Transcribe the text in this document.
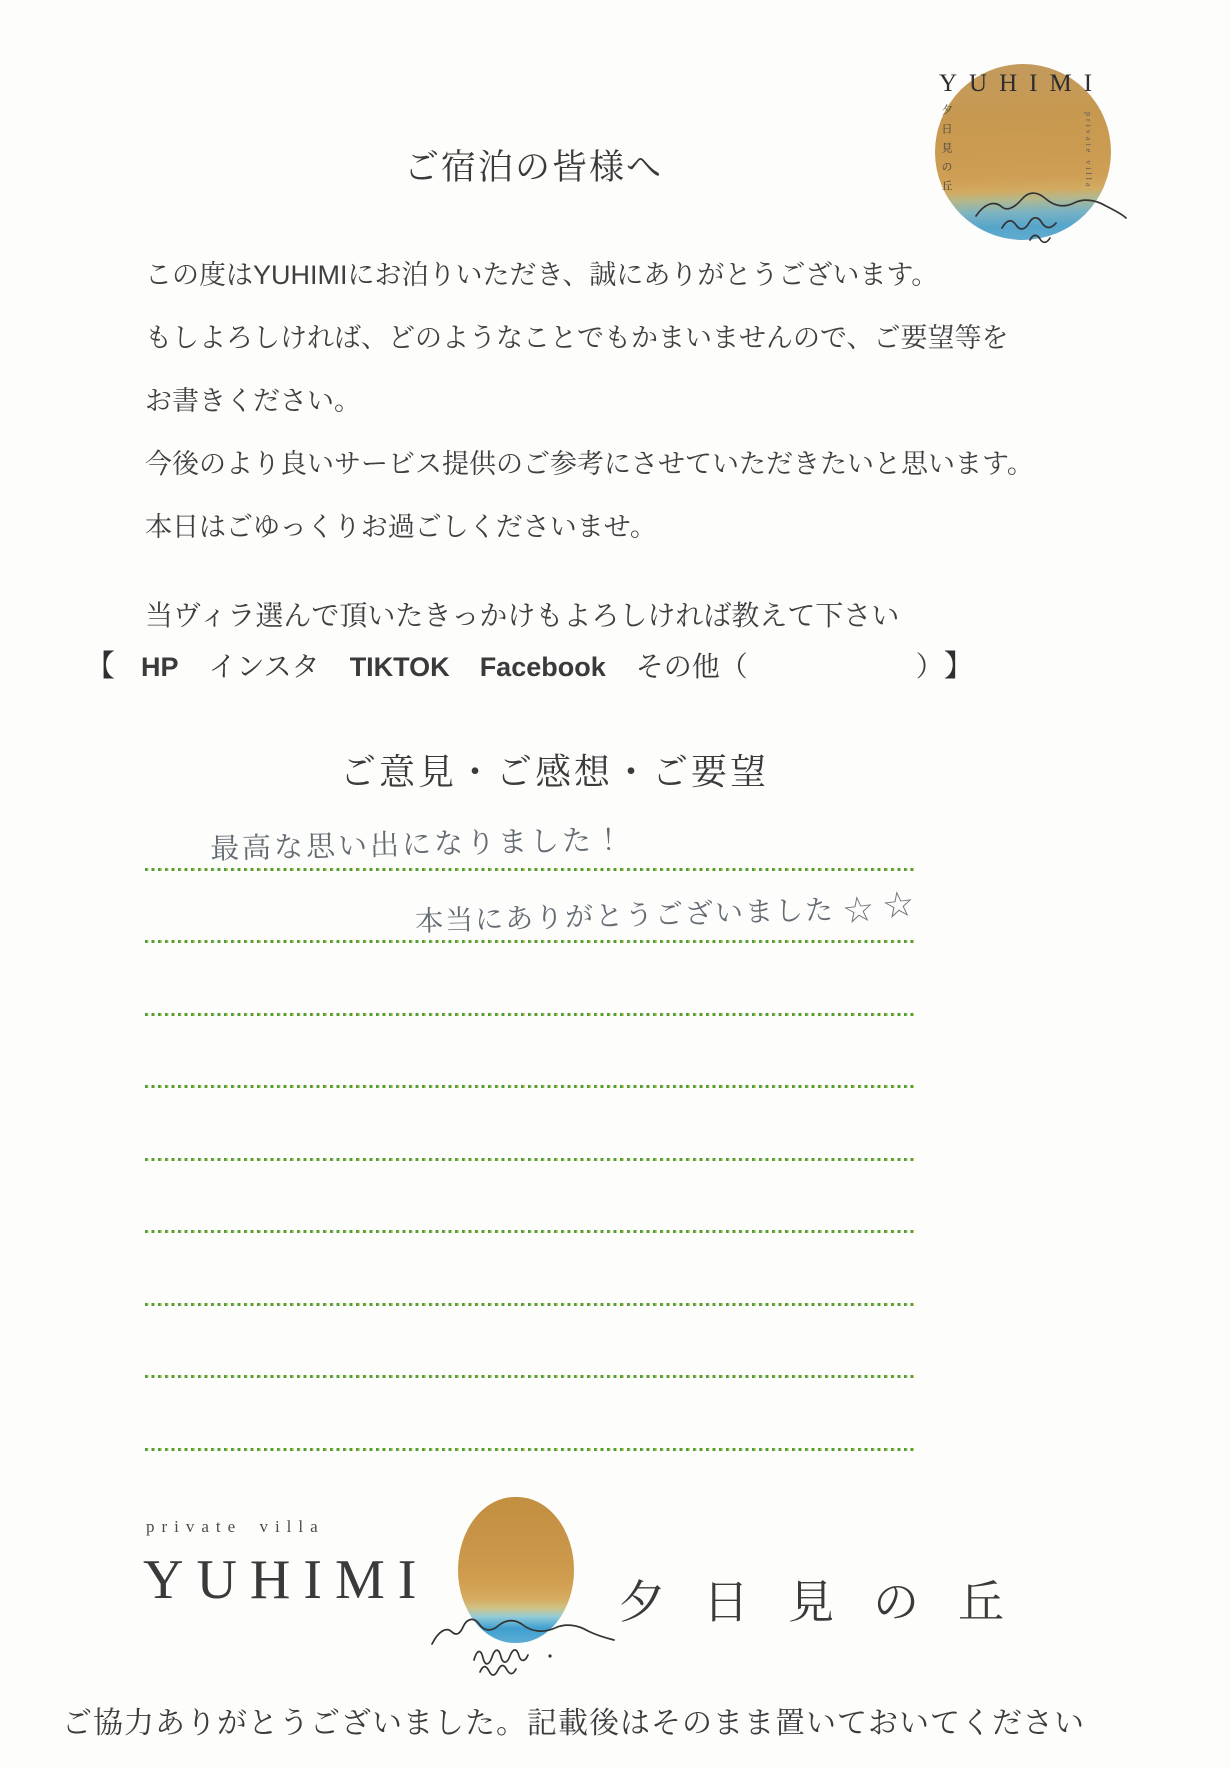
YUHIMI
夕日見の丘	private villa
ご宿泊の皆様へ
この度はYUHIMIにお泊りいただき、誠にありがとうございます。
もしよろしければ、どのようなことでもかまいませんので、ご要望等を
お書きください。
今後のより良いサービス提供のご参考にさせていただきたいと思います。
本日はごゆっくりお過ごしくださいませ。
当ヴィラ選んで頂いたきっかけもよろしければ教えて下さい
【 HP インスタ TIKTOK Facebook その他（	） 】
ご意見・ご感想・ご要望
最高な思い出になりました！
本当にありがとうございました ☆☆
private villa
YUHIMI	夕日見の丘
ご協力ありがとうございました。記載後はそのまま置いておいてください
